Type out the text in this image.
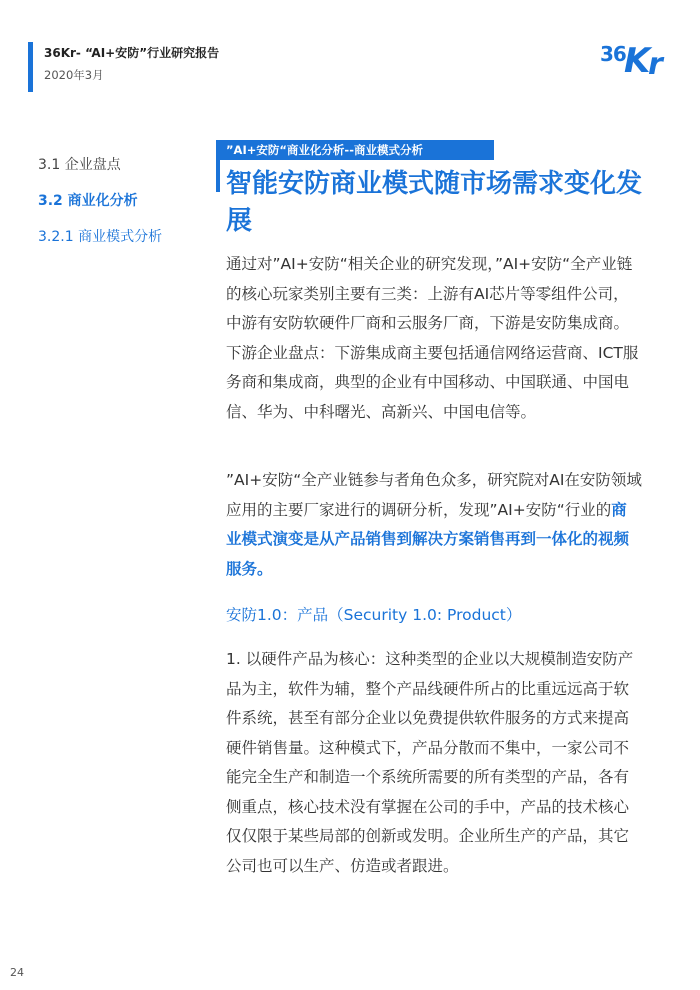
36Kr- “AI+安防”行业研究报告
2020年3月
36
K
r
3.1 企业盘点
3.2 商业化分析
3.2.1 商业模式分析
”AI+安防“商业化分析--商业模式分析
智能安防商业模式随市场需求变化发展
通过对”AI+安防“相关企业的研究发现，”AI+安防“全产业链的核心玩家类别主要有三类：上游有AI芯片等零组件公司，中游有安防软硬件厂商和云服务厂商，下游是安防集成商。下游企业盘点：下游集成商主要包括通信网络运营商、ICT服务商和集成商，典型的企业有中国移动、中国联通、中国电信、华为、中科曙光、高新兴、中国电信等。
”AI+安防“全产业链参与者角色众多，研究院对AI在安防领域应用的主要厂家进行的调研分析，发现”AI+安防“行业的商业模式演变是从产品销售到解决方案销售再到一体化的视频服务。
安防1.0：产品（Security 1.0: Product）
1. 以硬件产品为核心：这种类型的企业以大规模制造安防产品为主，软件为辅，整个产品线硬件所占的比重远远高于软件系统，甚至有部分企业以免费提供软件服务的方式来提高硬件销售量。这种模式下，产品分散而不集中，一家公司不能完全生产和制造一个系统所需要的所有类型的产品，各有侧重点，核心技术没有掌握在公司的手中，产品的技术核心仅仅限于某些局部的创新或发明。企业所生产的产品，其它公司也可以生产、仿造或者跟进。
24
